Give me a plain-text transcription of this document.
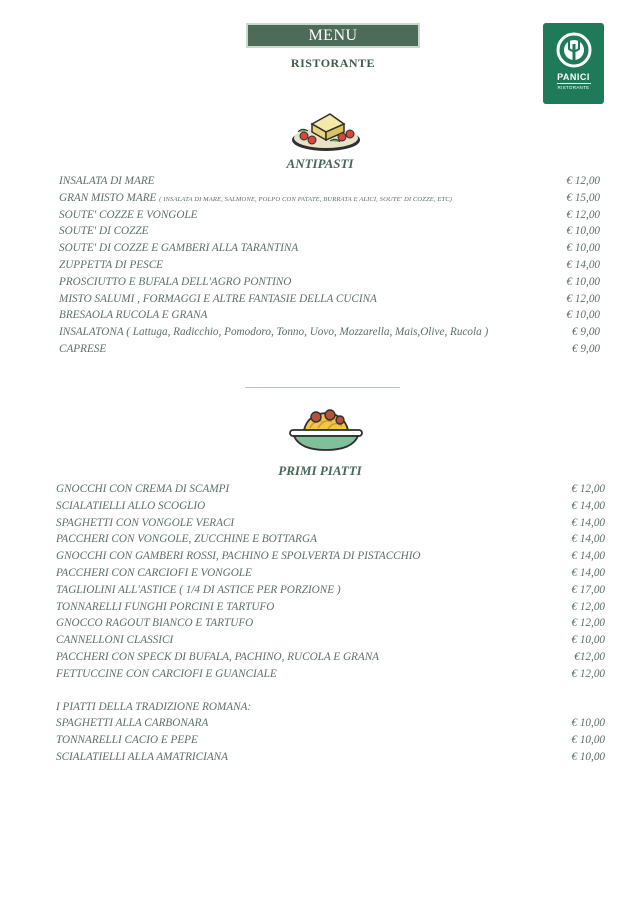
MENU
RISTORANTE
PANICI
RISTORANTE
ANTIPASTI
INSALATA DI MARE	€ 12,00
GRAN MISTO MARE ( INSALATA DI MARE, SALMONE, POLPO CON PATATE, BURRATA E ALICI, SOUTE' DI COZZE, ETC)	€ 15,00
SOUTE' COZZE E VONGOLE	€ 12,00
SOUTE' DI COZZE	€ 10,00
SOUTE' DI COZZE E GAMBERI ALLA TARANTINA	€ 10,00
ZUPPETTA DI PESCE	€ 14,00
PROSCIUTTO E BUFALA DELL'AGRO PONTINO	€ 10,00
MISTO SALUMI , FORMAGGI E ALTRE FANTASIE DELLA CUCINA	€ 12,00
BRESAOLA RUCOLA E GRANA	€ 10,00
INSALATONA ( Lattuga, Radicchio, Pomodoro, Tonno, Uovo, Mozzarella, Mais,Olive, Rucola )	€ 9,00
CAPRESE	€ 9,00
PRIMI PIATTI
GNOCCHI CON CREMA DI SCAMPI	€ 12,00
SCIALATIELLI ALLO SCOGLIO	€ 14,00
SPAGHETTI CON VONGOLE VERACI	€ 14,00
PACCHERI CON VONGOLE, ZUCCHINE E BOTTARGA	€ 14,00
GNOCCHI CON GAMBERI ROSSI, PACHINO E SPOLVERTA DI PISTACCHIO	€ 14,00
PACCHERI CON CARCIOFI E VONGOLE	€ 14,00
TAGLIOLINI ALL'ASTICE ( 1/4 DI ASTICE PER PORZIONE )	€ 17,00
TONNARELLI FUNGHI PORCINI E TARTUFO	€ 12,00
GNOCCO RAGOUT BIANCO E TARTUFO	€ 12,00
CANNELLONI CLASSICI	€ 10,00
PACCHERI CON SPECK DI BUFALA, PACHINO, RUCOLA E GRANA	€12,00
FETTUCCINE CON CARCIOFI E GUANCIALE	€ 12,00
I PIATTI DELLA TRADIZIONE ROMANA:
SPAGHETTI ALLA CARBONARA	€ 10,00
TONNARELLI CACIO E PEPE	€ 10,00
SCIALATIELLI ALLA AMATRICIANA	€ 10,00
